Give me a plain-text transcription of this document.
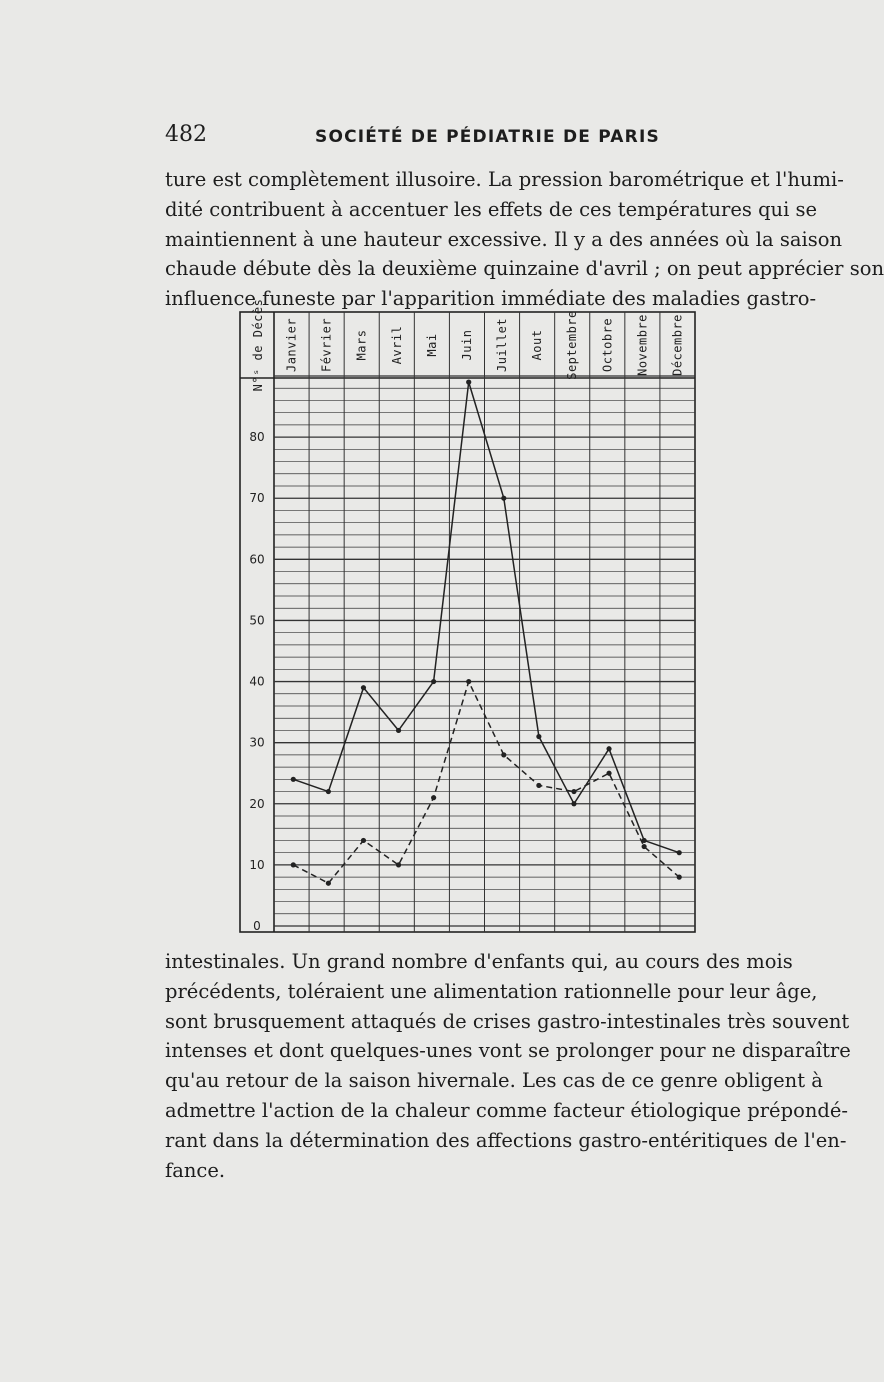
482	SOCIÉTÉ DE PÉDIATRIE DE PARIS
ture est complètement illusoire. La pression barométrique et l'humi-
dité contribuent à accentuer les effets de ces températures qui se
maintiennent à une hauteur excessive. Il y a des années où la saison
chaude débute dès la deuxième quinzaine d'avril ; on peut apprécier son
influence funeste par l'apparition immédiate des maladies gastro-
N°ˢ de Décès Janvier Février Mars Avril Mai Juin Juillet Aout Septembre Octobre Novembre Décembre
0
10
20
30
40
50
60
70
80
intestinales. Un grand nombre d'enfants qui, au cours des mois
précédents, toléraient une alimentation rationnelle pour leur âge,
sont brusquement attaqués de crises gastro-intestinales très souvent
intenses et dont quelques-unes vont se prolonger pour ne disparaître
qu'au retour de la saison hivernale. Les cas de ce genre obligent à
admettre l'action de la chaleur comme facteur étiologique prépondé-
rant dans la détermination des affections gastro-entéritiques de l'en-
fance.
